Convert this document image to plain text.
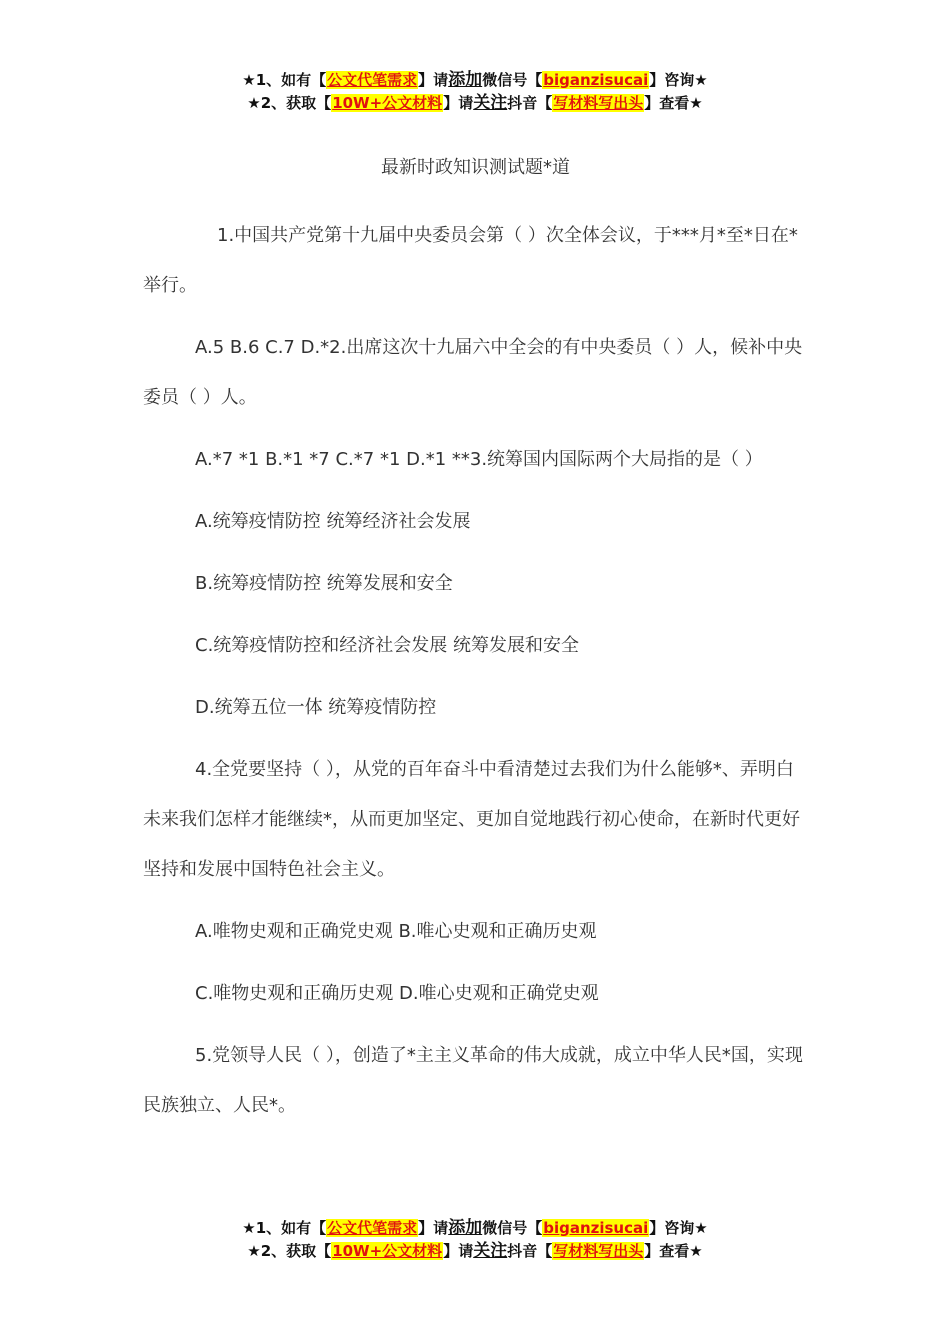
★1、如有【公文代笔需求】请添加微信号【biganzisucai】咨询★
★2、获取【10W+公文材料】请关注抖音【写材料写出头】查看★
最新时政知识测试题*道

1.中国共产党第十九届中央委员会第（ ）次全体会议，于***月*至*日在*举行。

A.5 B.6 C.7 D.*2.出席这次十九届六中全会的有中央委员（ ）人，候补中央委员（ ）人。

A.*7 *1 B.*1 *7 C.*7 *1 D.*1 **3.统筹国内国际两个大局指的是（ ）

A.统筹疫情防控 统筹经济社会发展

B.统筹疫情防控 统筹发展和安全

C.统筹疫情防控和经济社会发展 统筹发展和安全

D.统筹五位一体 统筹疫情防控

4.全党要坚持（ ），从党的百年奋斗中看清楚过去我们为什么能够*、弄明白未来我们怎样才能继续*，从而更加坚定、更加自觉地践行初心使命，在新时代更好坚持和发展中国特色社会主义。

A.唯物史观和正确党史观 B.唯心史观和正确历史观

C.唯物史观和正确历史观 D.唯心史观和正确党史观

5.党领导人民（ ），创造了*主主义革命的伟大成就，成立中华人民*国，实现民族独立、人民*。

★1、如有【公文代笔需求】请添加微信号【biganzisucai】咨询★
★2、获取【10W+公文材料】请关注抖音【写材料写出头】查看★
